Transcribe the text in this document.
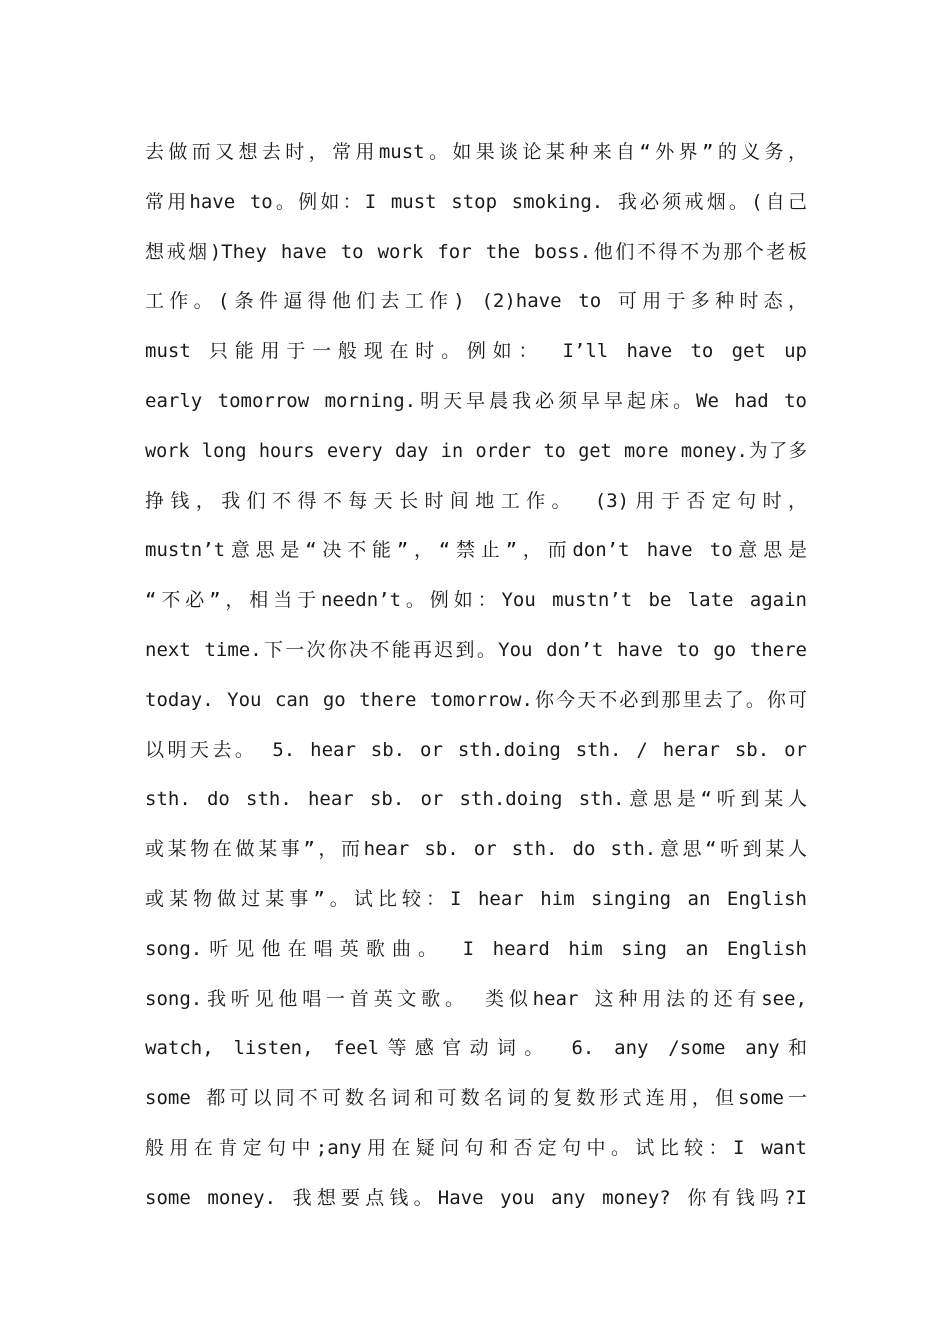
去做而又想去时，常用must。如果谈论某种来自“外界”的义务，
常用have to。例如：I must stop smoking. 我必须戒烟。(自己
想戒烟)They have to work for the boss.他们不得不为那个老板
工作。(条件逼得他们去工作) (2)have to 可用于多种时态，
must 只能用于一般现在时。例如： I’ll have to get up
early tomorrow morning.明天早晨我必须早早起床。We had to
work long hours every day in order to get more money.为了多
挣钱，我们不得不每天长时间地工作。 (3)用于否定句时，
mustn’t意思是“决不能”，“禁止”，而don’t have to意思是
“不必”，相当于needn’t。例如：You mustn’t be late again
next time.下一次你决不能再迟到。You don’t have to go there
today. You can go there tomorrow.你今天不必到那里去了。你可
以明天去。 5. hear sb. or sth.doing sth. / herar sb. or
sth. do sth. hear sb. or sth.doing sth.意思是“听到某人
或某物在做某事”，而hear sb. or sth. do sth.意思“听到某人
或某物做过某事”。试比较：I hear him singing an English
song.听见他在唱英歌曲。 I heard him sing an English
song.我听见他唱一首英文歌。 类似hear 这种用法的还有see,
watch, listen, feel等感官动词。 6. any /some any和
some 都可以同不可数名词和可数名词的复数形式连用，但some一
般用在肯定句中;any用在疑问句和否定句中。试比较：I want
some money. 我想要点钱。Have you any money? 你有钱吗?I
